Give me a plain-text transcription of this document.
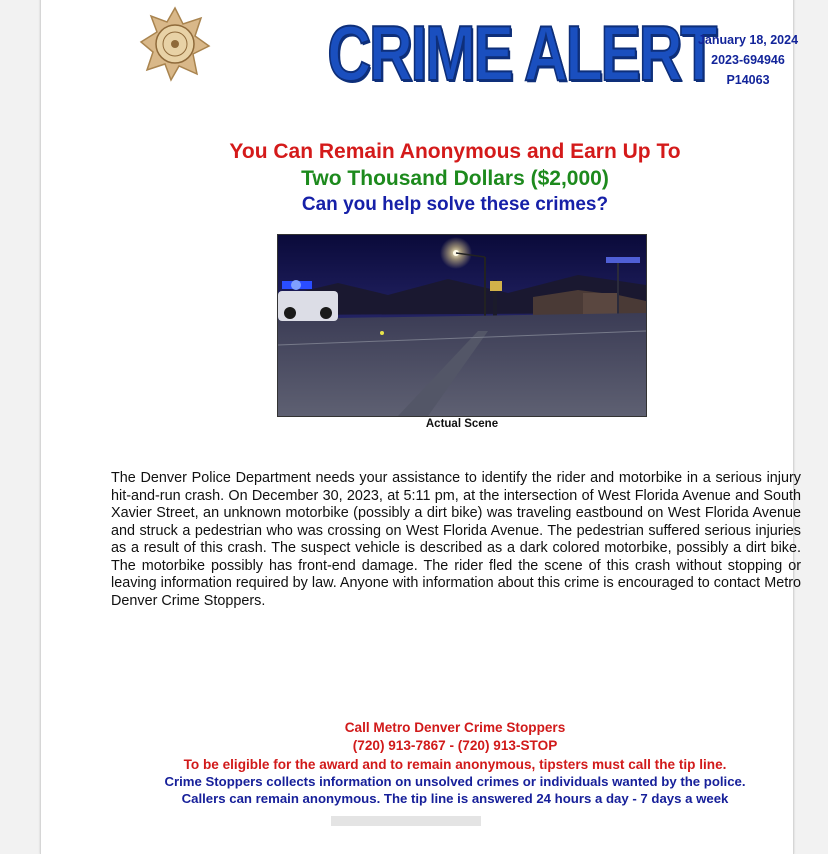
CRIME ALERT
January 18, 2024
2023-694946
P14063
You Can Remain Anonymous and Earn Up To
Two Thousand Dollars ($2,000)
Can you help solve these crimes?
Actual Scene
The Denver Police Department needs your assistance to identify the rider and motorbike in a serious injury hit-and-run crash. On December 30, 2023, at 5:11 pm, at the intersection of West Florida Avenue and South Xavier Street, an unknown motorbike (possibly a dirt bike) was traveling eastbound on West Florida Avenue and struck a pedestrian who was crossing on West Florida Avenue. The pedestrian suffered serious injuries as a result of this crash. The suspect vehicle is described as a dark colored motorbike, possibly a dirt bike. The motorbike possibly has front-end damage. The rider fled the scene of this crash without stopping or leaving information required by law. Anyone with information about this crime is encouraged to contact Metro Denver Crime Stoppers.
Call Metro Denver Crime Stoppers
(720) 913-7867 - (720) 913-STOP
To be eligible for the award and to remain anonymous, tipsters must call the tip line.
Crime Stoppers collects information on unsolved crimes or individuals wanted by the police.
Callers can remain anonymous. The tip line is answered 24 hours a day - 7 days a week
